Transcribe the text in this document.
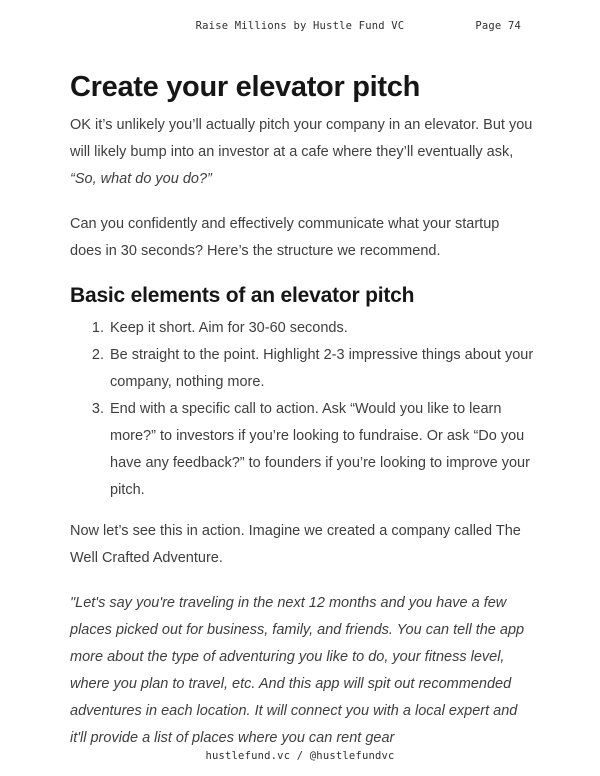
Raise Millions by Hustle Fund VC	Page 74
Create your elevator pitch

OK it’s unlikely you’ll actually pitch your company in an elevator. But you will likely bump into an investor at a cafe where they’ll eventually ask, “So, what do you do?”

Can you confidently and effectively communicate what your startup does in 30 seconds? Here’s the structure we recommend.

Basic elements of an elevator pitch
1. Keep it short. Aim for 30-60 seconds.
2. Be straight to the point. Highlight 2-3 impressive things about your company, nothing more.
3. End with a specific call to action. Ask “Would you like to learn more?” to investors if you’re looking to fundraise. Or ask “Do you have any feedback?” to founders if you’re looking to improve your pitch.

Now let’s see this in action. Imagine we created a company called The Well Crafted Adventure.

"Let's say you're traveling in the next 12 months and you have a few places picked out for business, family, and friends. You can tell the app more about the type of adventuring you like to do, your fitness level, where you plan to travel, etc. And this app will spit out recommended adventures in each location. It will connect you with a local expert and it'll provide a list of places where you can rent gear

hustlefund.vc / @hustlefundvc
